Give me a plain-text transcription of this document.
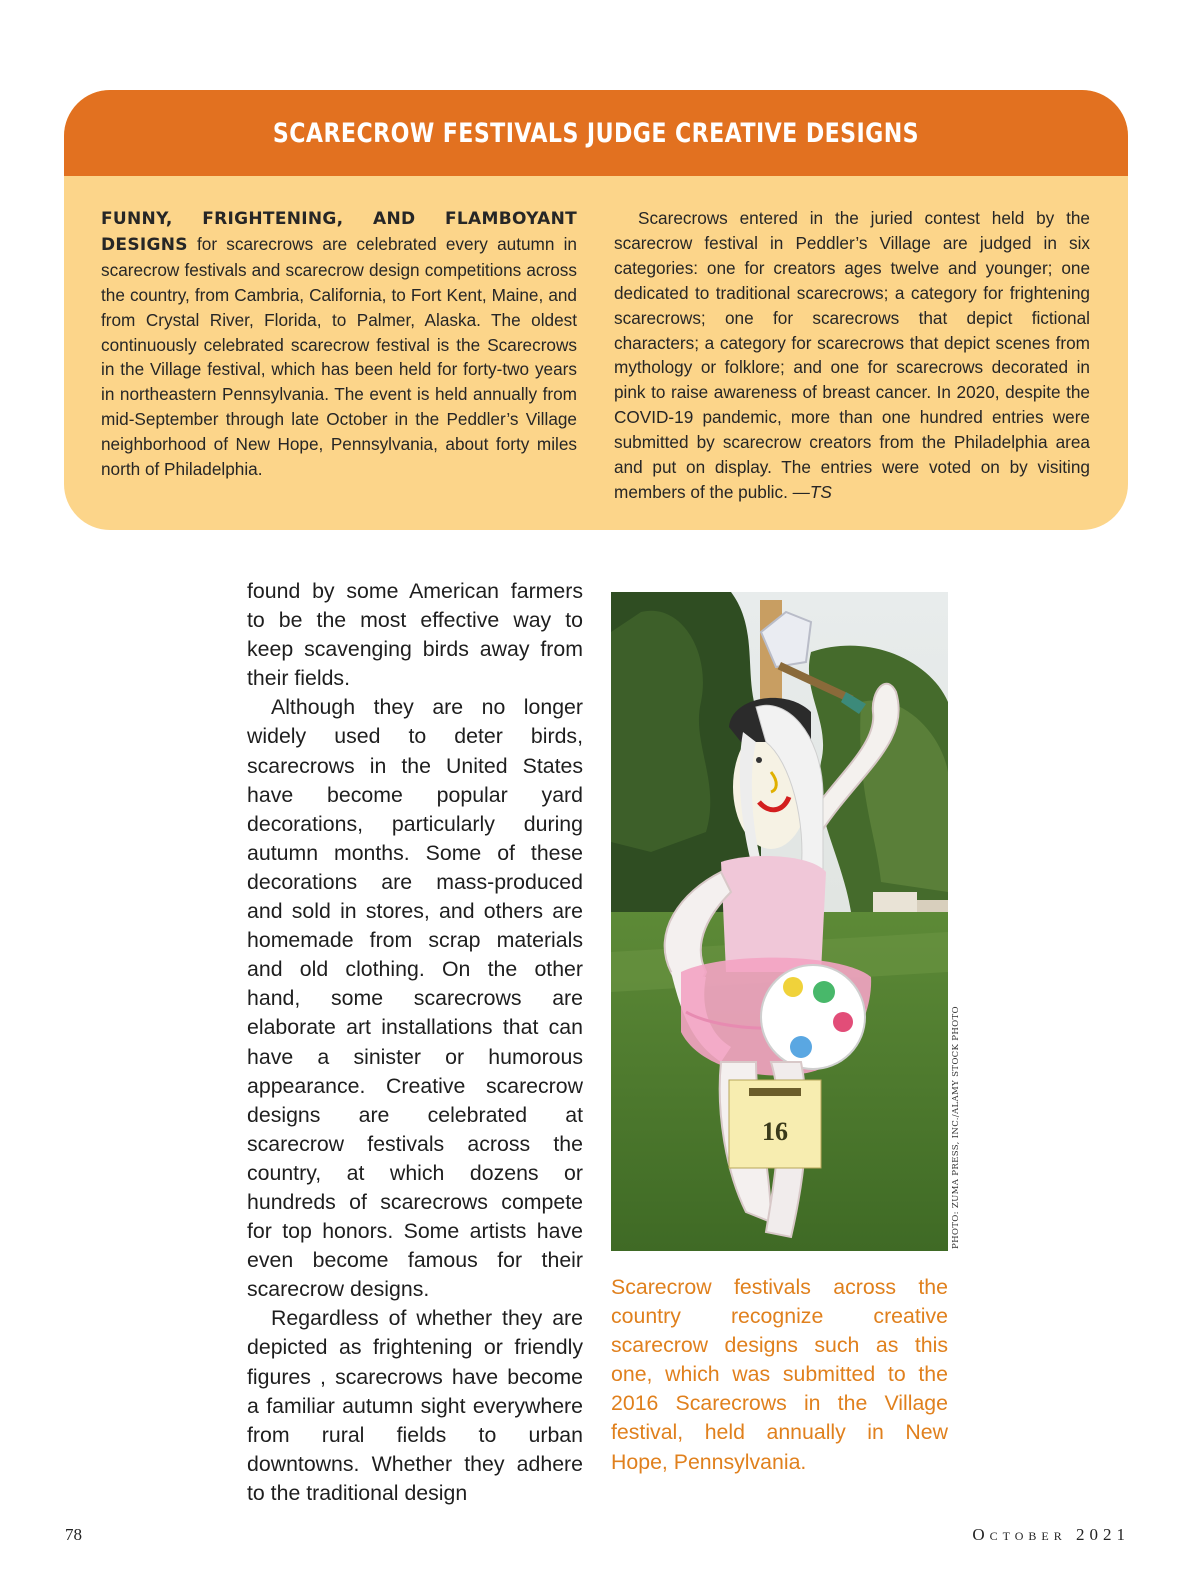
SCARECROW FESTIVALS JUDGE CREATIVE DESIGNS

FUNNY, FRIGHTENING, AND FLAMBOYANT DESIGNS for scarecrows are celebrated every autumn in scarecrow festivals and scarecrow design competitions across the country, from Cambria, California, to Fort Kent, Maine, and from Crystal River, Florida, to Palmer, Alaska. The oldest continuously celebrated scarecrow festival is the Scarecrows in the Village festival, which has been held for forty-two years in northeastern Pennsylvania. The event is held annually from mid-September through late October in the Peddler’s Village neighborhood of New Hope, Pennsylvania, about forty miles north of Philadelphia.

Scarecrows entered in the juried contest held by the scarecrow festival in Peddler’s Village are judged in six categories: one for creators ages twelve and younger; one dedicated to traditional scarecrows; a category for frightening scarecrows; one for scarecrows that depict fictional characters; a category for scarecrows that depict scenes from mythology or folklore; and one for scarecrows decorated in pink to raise awareness of breast cancer. In 2020, despite the COVID-19 pandemic, more than one hundred entries were submitted by scarecrow creators from the Philadelphia area and put on display. The entries were voted on by visiting members of the public. —TS

found by some American farmers to be the most effective way to keep scavenging birds away from their fields.

Although they are no longer widely used to deter birds, scarecrows in the United States have become popular yard decorations, particularly during autumn months. Some of these decorations are mass-produced and sold in stores, and others are homemade from scrap materials and old clothing. On the other hand, some scarecrows are elaborate art installations that can have a sinister or humorous appearance. Creative scarecrow designs are celebrated at scarecrow festivals across the country, at which dozens or hundreds of scarecrows compete for top honors. Some artists have even become famous for their scarecrow designs.

Regardless of whether they are depicted as frightening or friendly figures , scarecrows have become a familiar autumn sight everywhere from rural fields to urban downtowns. Whether they adhere to the traditional design

16	PHOTO: ZUMA PRESS, INC./ALAMY STOCK PHOTO
Scarecrow festivals across the country recognize creative scarecrow designs such as this one, which was submitted to the 2016 Scarecrows in the Village festival, held annually in New Hope, Pennsylvania.
78	October 2021
